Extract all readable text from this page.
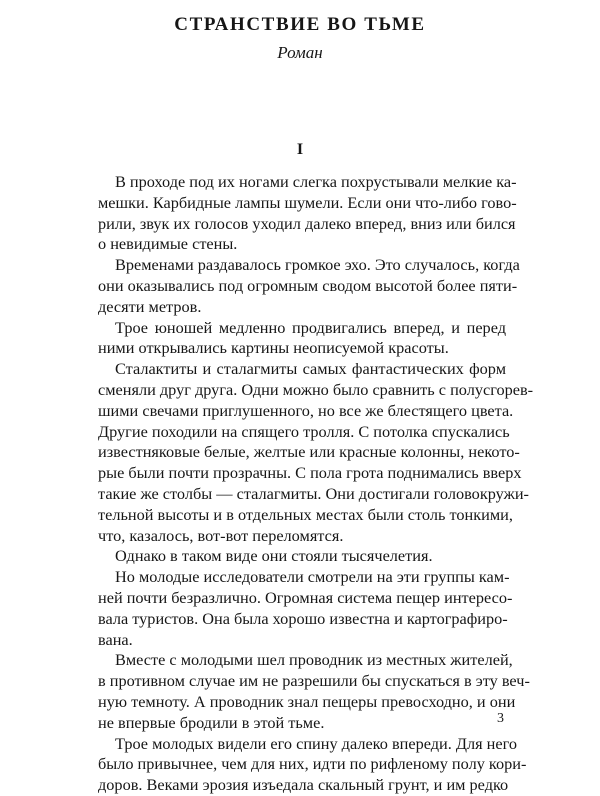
СТРАНСТВИЕ ВО ТЬМЕ
Роман
I
В проходе под их ногами слегка похрустывали мелкие ка-
мешки. Карбидные лампы шумели. Если они что-либо гово-
рили, звук их голосов уходил далеко вперед, вниз или бился
о невидимые стены.
Временами раздавалось громкое эхо. Это случалось, когда
они оказывались под огромным сводом высотой более пяти-
десяти метров.
Трое юношей медленно продвигались вперед, и перед
ними открывались картины неописуемой красоты.
Сталактиты и сталагмиты самых фантастических форм
сменяли друг друга. Одни можно было сравнить с полусгорев-
шими свечами приглушенного, но все же блестящего цвета.
Другие походили на спящего тролля. С потолка спускались
известняковые белые, желтые или красные колонны, некото-
рые были почти прозрачны. С пола грота поднимались вверх
такие же столбы — сталагмиты. Они достигали головокружи-
тельной высоты и в отдельных местах были столь тонкими,
что, казалось, вот-вот переломятся.
Однако в таком виде они стояли тысячелетия.
Но молодые исследователи смотрели на эти группы кам-
ней почти безразлично. Огромная система пещер интересо-
вала туристов. Она была хорошо известна и картографиро-
вана.
Вместе с молодыми шел проводник из местных жителей,
в противном случае им не разрешили бы спускаться в эту веч-
ную темноту. А проводник знал пещеры превосходно, и они
не впервые бродили в этой тьме.
Трое молодых видели его спину далеко впереди. Для него
было привычнее, чем для них, идти по рифленому полу кори-
доров. Веками эрозия изъедала скальный грунт, и им редко
3
